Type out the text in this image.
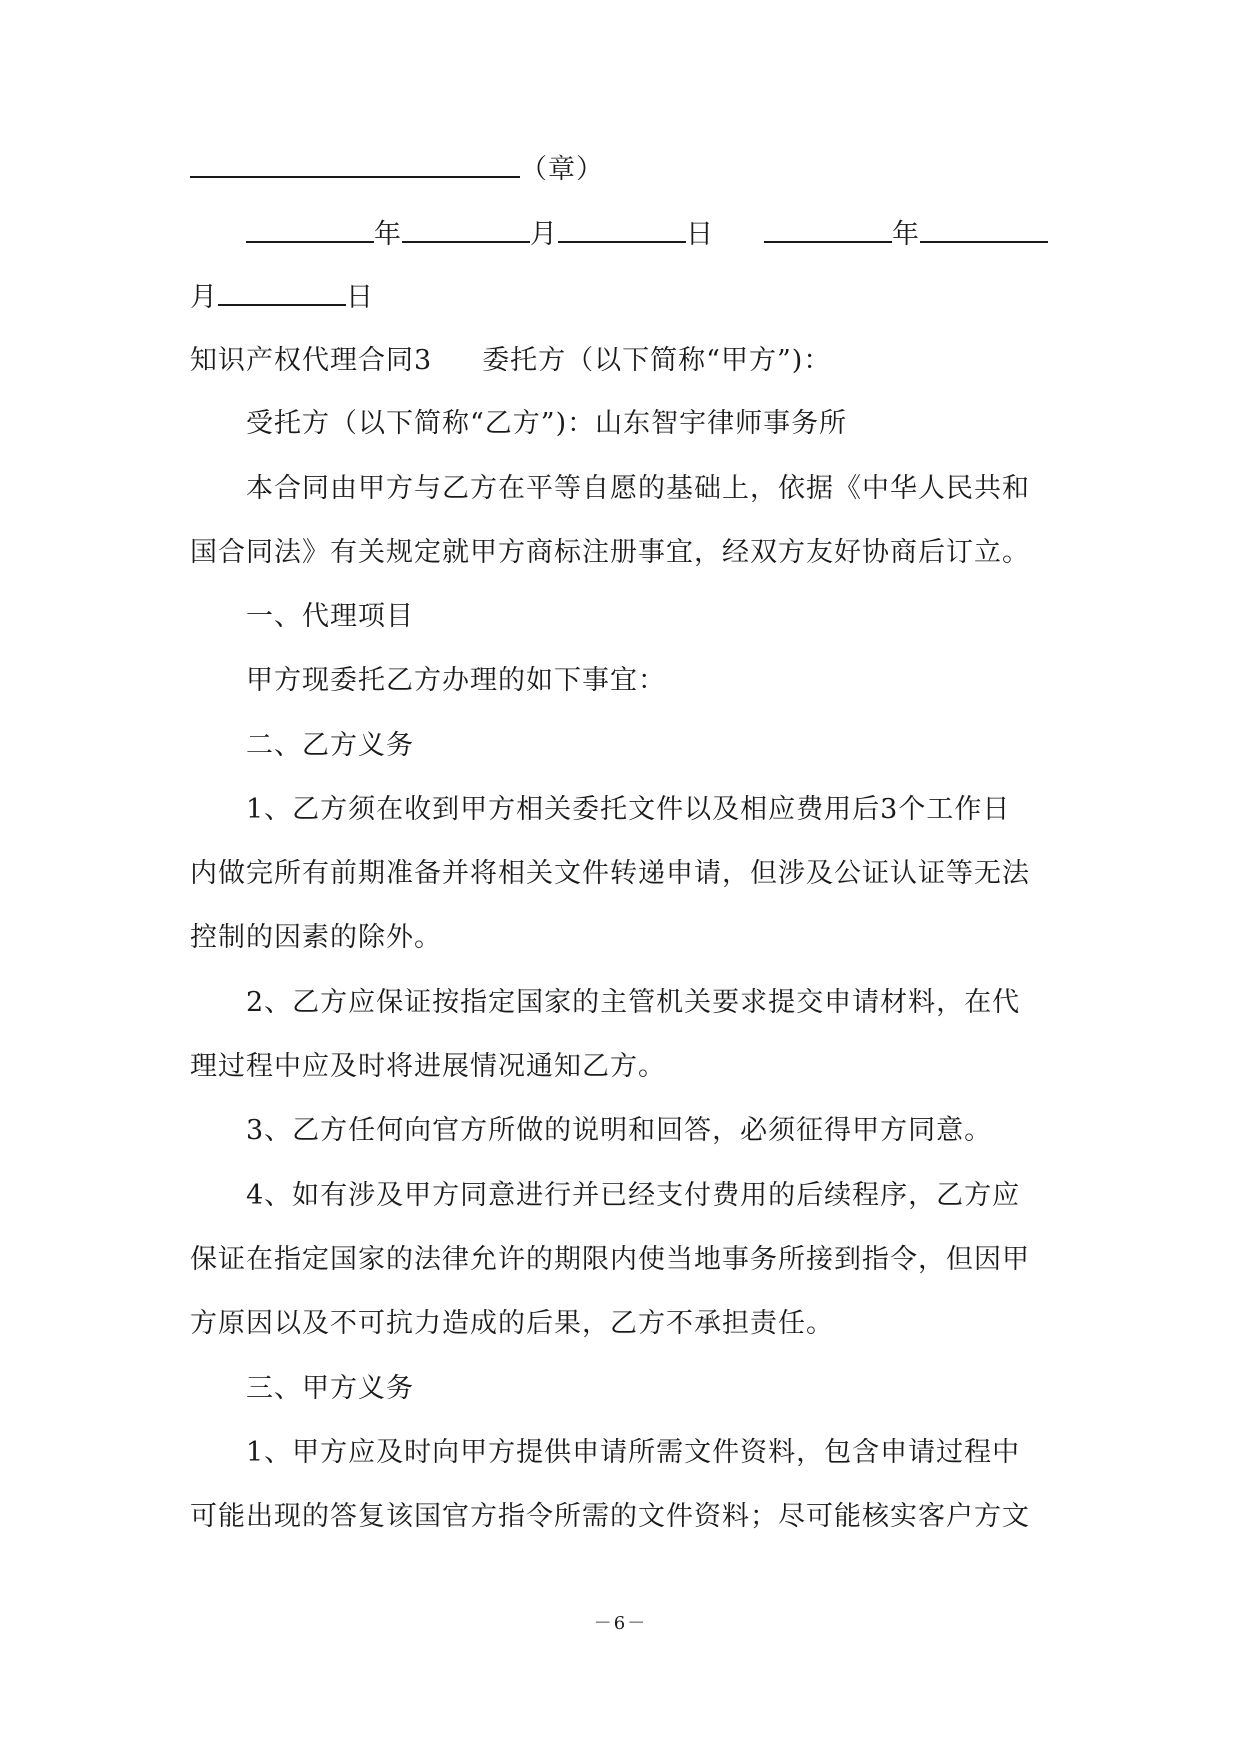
（章）
年	月	日	年
月	日
知识产权代理合同3 委托方（以下简称“甲方”)：
受托方（以下简称“乙方”)：山东智宇律师事务所
本合同由甲方与乙方在平等自愿的基础上，依据《中华人民共和
国合同法》有关规定就甲方商标注册事宜，经双方友好协商后订立。
一、代理项目
甲方现委托乙方办理的如下事宜：
二、乙方义务
1、乙方须在收到甲方相关委托文件以及相应费用后3个工作日
内做完所有前期准备并将相关文件转递申请，但涉及公证认证等无法
控制的因素的除外。
2、乙方应保证按指定国家的主管机关要求提交申请材料，在代
理过程中应及时将进展情况通知乙方。
3、乙方任何向官方所做的说明和回答，必须征得甲方同意。
4、如有涉及甲方同意进行并已经支付费用的后续程序，乙方应
保证在指定国家的法律允许的期限内使当地事务所接到指令，但因甲
方原因以及不可抗力造成的后果，乙方不承担责任。
三、甲方义务
1、甲方应及时向甲方提供申请所需文件资料，包含申请过程中
可能出现的答复该国官方指令所需的文件资料；尽可能核实客户方文
－6－
